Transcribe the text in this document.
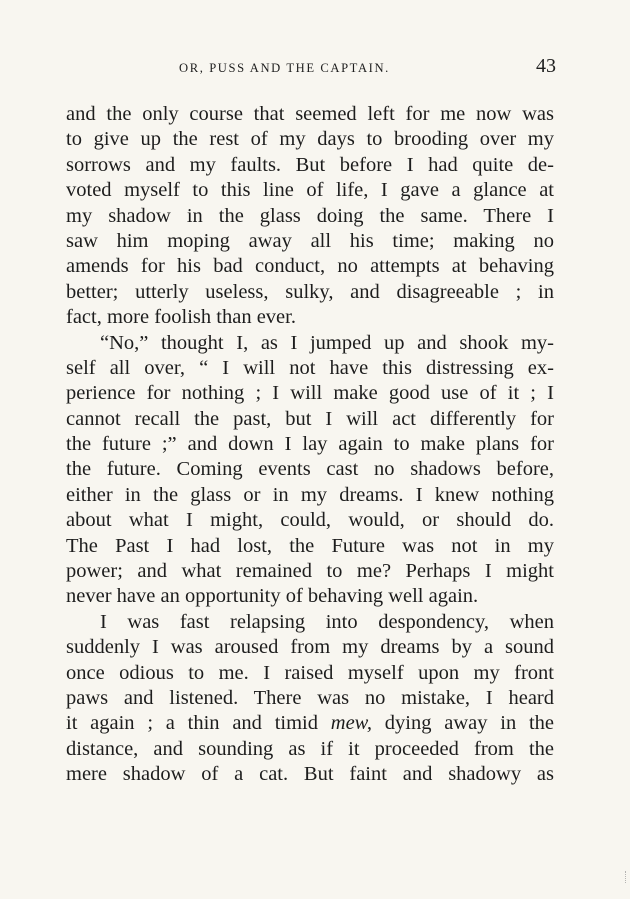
OR, PUSS AND THE CAPTAIN.	43
and the only course that seemed left for me now was
to give up the rest of my days to brooding over my
sorrows and my faults. But before I had quite de-
voted myself to this line of life, I gave a glance at
my shadow in the glass doing the same. There I
saw him moping away all his time; making no
amends for his bad conduct, no attempts at behaving
better; utterly useless, sulky, and disagreeable ; in
fact, more foolish than ever.
“No,” thought I, as I jumped up and shook my-
self all over, “ I will not have this distressing ex-
perience for nothing ; I will make good use of it ; I
cannot recall the past, but I will act differently for
the future ;” and down I lay again to make plans for
the future. Coming events cast no shadows before,
either in the glass or in my dreams. I knew nothing
about what I might, could, would, or should do.
The Past I had lost, the Future was not in my
power; and what remained to me? Perhaps I might
never have an opportunity of behaving well again.
I was fast relapsing into despondency, when
suddenly I was aroused from my dreams by a sound
once odious to me. I raised myself upon my front
paws and listened. There was no mistake, I heard
it again ; a thin and timid mew, dying away in the
distance, and sounding as if it proceeded from the
mere shadow of a cat. But faint and shadowy as
